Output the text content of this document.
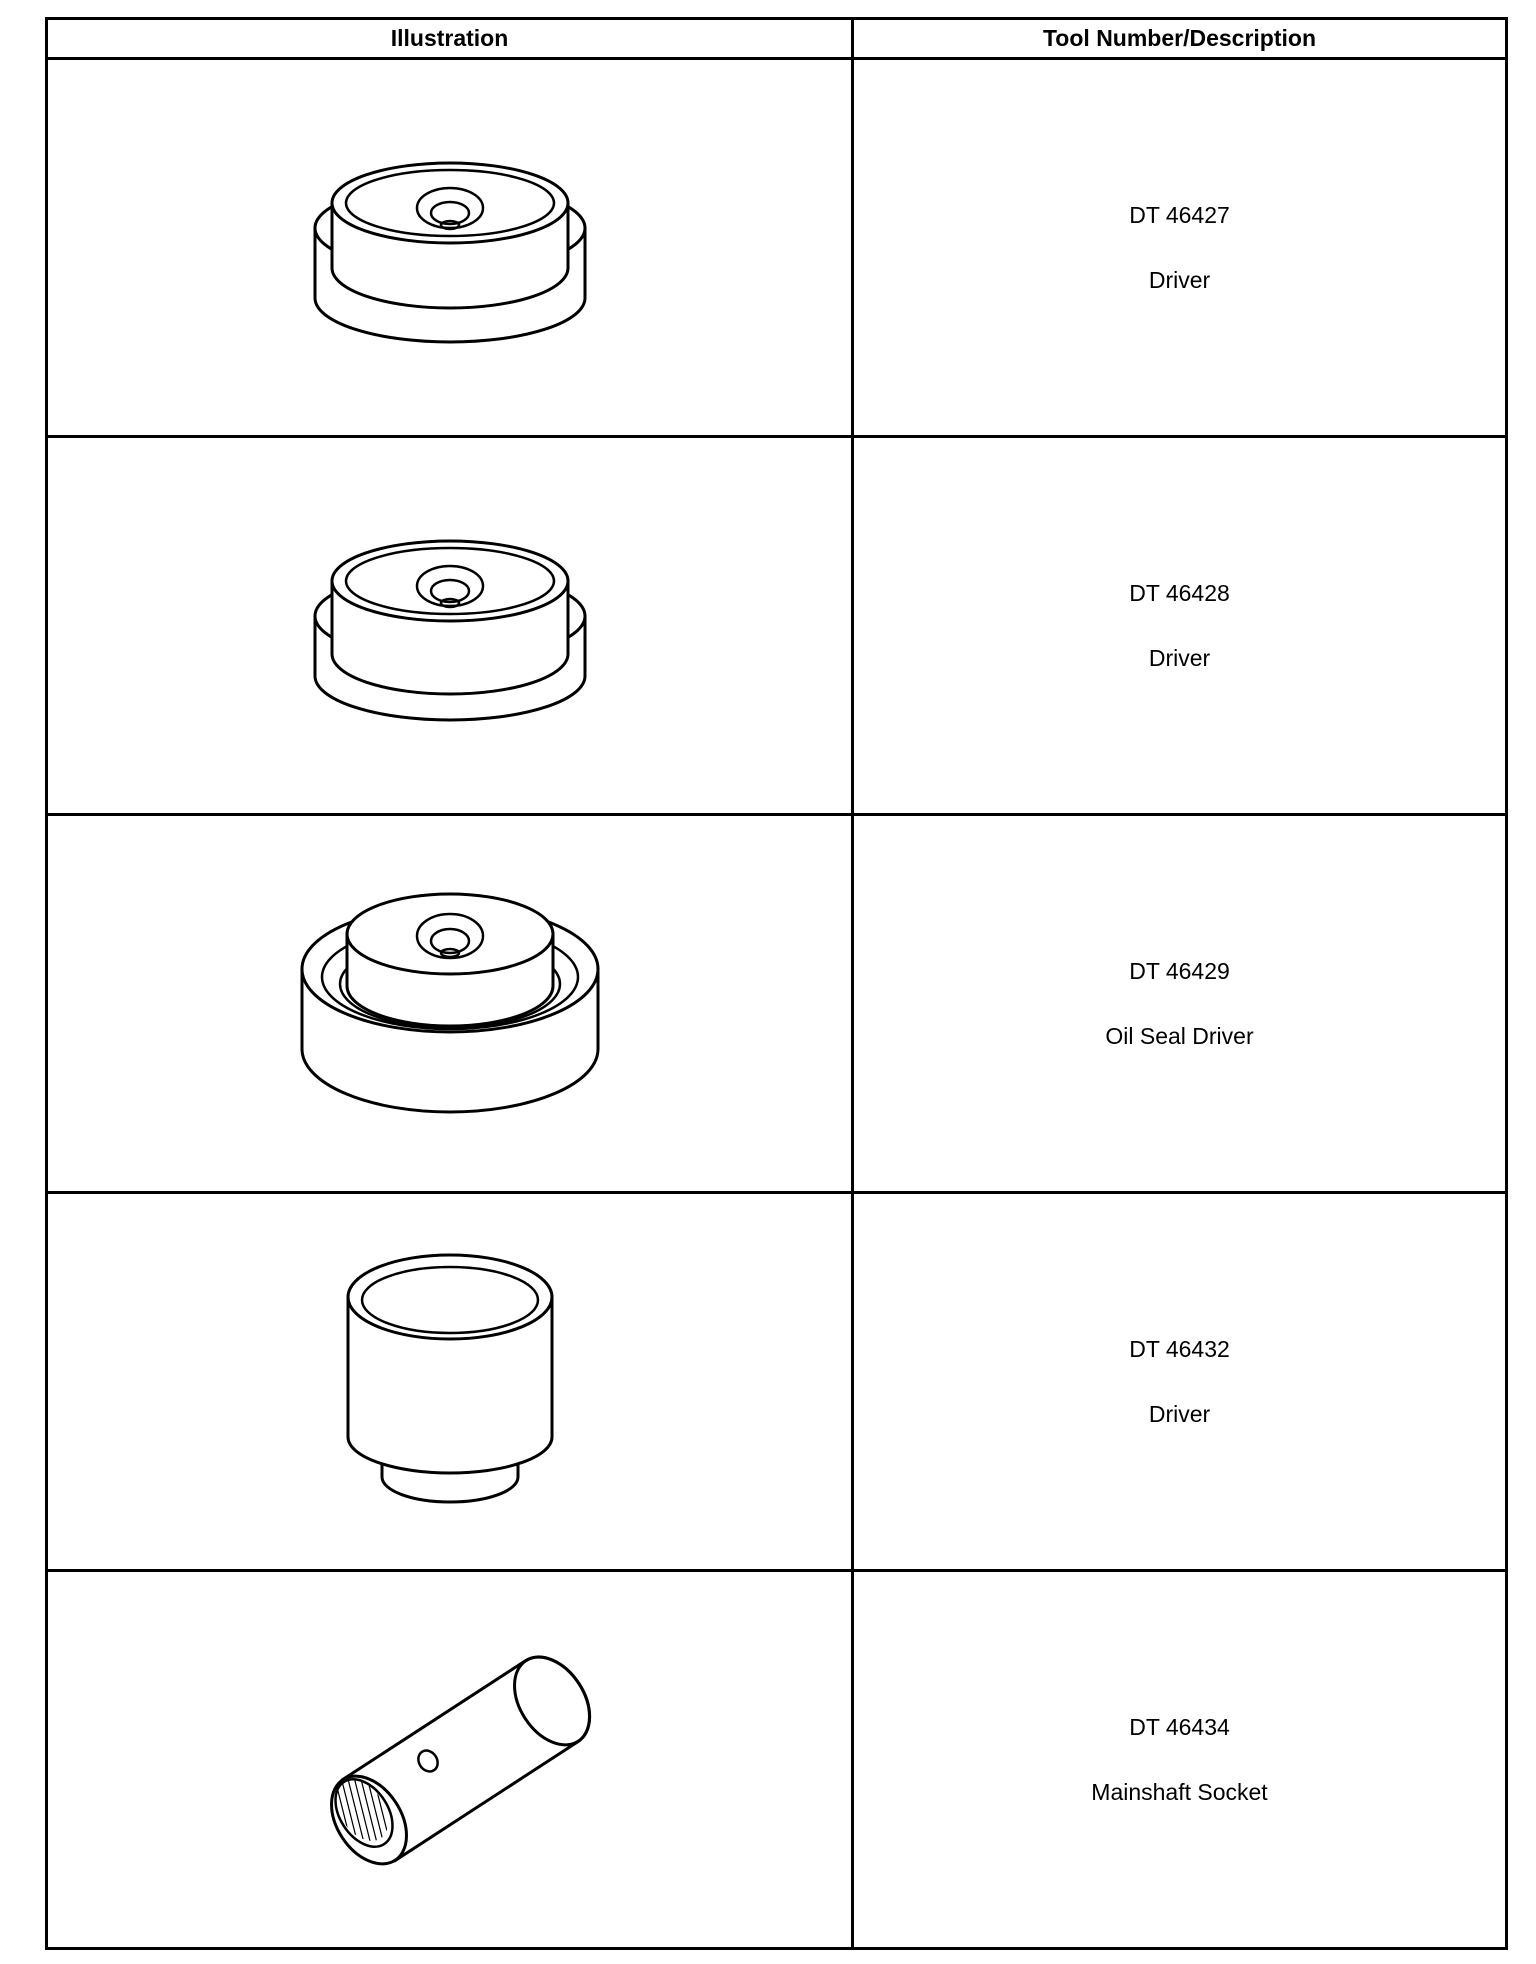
Illustration	Tool Number/Description

DT 46427
Driver

DT 46428
Driver

DT 46429
Oil Seal Driver

DT 46432
Driver

DT 46434
Mainshaft Socket
